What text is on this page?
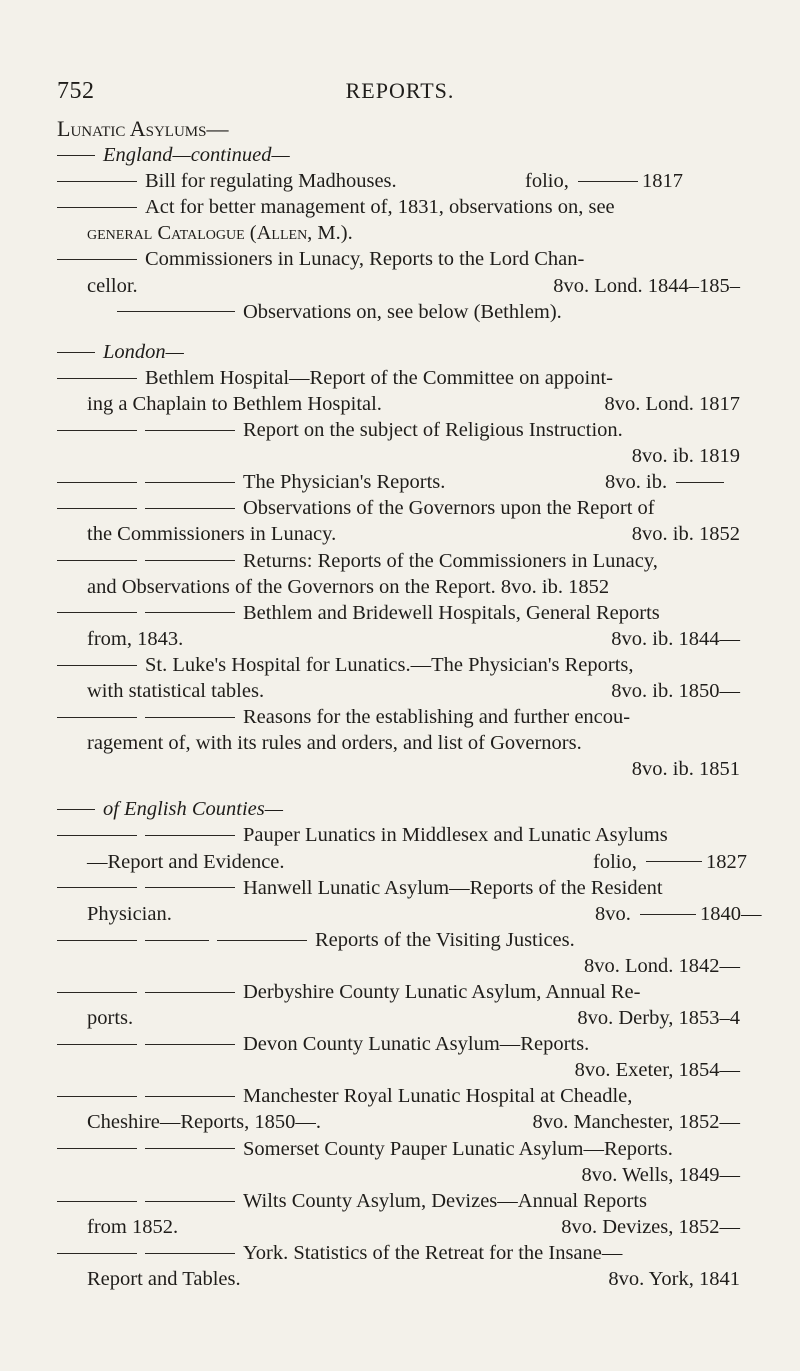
752	REPORTS.
Lunatic Asylums—
England—continued—
Bill for regulating Madhouses.	folio,	1817
Act for better management of, 1831, observations on, see
general Catalogue (Allen, M.).
Commissioners in Lunacy, Reports to the Lord Chan-
cellor.	8vo. Lond. 1844–185–
Observations on, see below (Bethlem).
London—
Bethlem Hospital—Report of the Committee on appoint-
ing a Chaplain to Bethlem Hospital.	8vo. Lond. 1817
Report on the subject of Religious Instruction.
8vo. ib. 1819
The Physician's Reports.	8vo. ib.
Observations of the Governors upon the Report of
the Commissioners in Lunacy.	8vo. ib. 1852
Returns: Reports of the Commissioners in Lunacy,
and Observations of the Governors on the Report. 8vo. ib. 1852
Bethlem and Bridewell Hospitals, General Reports
from, 1843.	8vo. ib. 1844—
St. Luke's Hospital for Lunatics.—The Physician's Reports,
with statistical tables.	8vo. ib. 1850—
Reasons for the establishing and further encou-
ragement of, with its rules and orders, and list of Governors.
8vo. ib. 1851
of English Counties—
Pauper Lunatics in Middlesex and Lunatic Asylums
—Report and Evidence.	folio,	1827
Hanwell Lunatic Asylum—Reports of the Resident
Physician.	8vo.	1840—
Reports of the Visiting Justices.
8vo. Lond. 1842—
Derbyshire County Lunatic Asylum, Annual Re-
ports.	8vo. Derby, 1853–4
Devon County Lunatic Asylum—Reports.
8vo. Exeter, 1854—
Manchester Royal Lunatic Hospital at Cheadle,
Cheshire—Reports, 1850—.	8vo. Manchester, 1852—
Somerset County Pauper Lunatic Asylum—Reports.
8vo. Wells, 1849—
Wilts County Asylum, Devizes—Annual Reports
from 1852.	8vo. Devizes, 1852—
York. Statistics of the Retreat for the Insane—
Report and Tables.	8vo. York, 1841
